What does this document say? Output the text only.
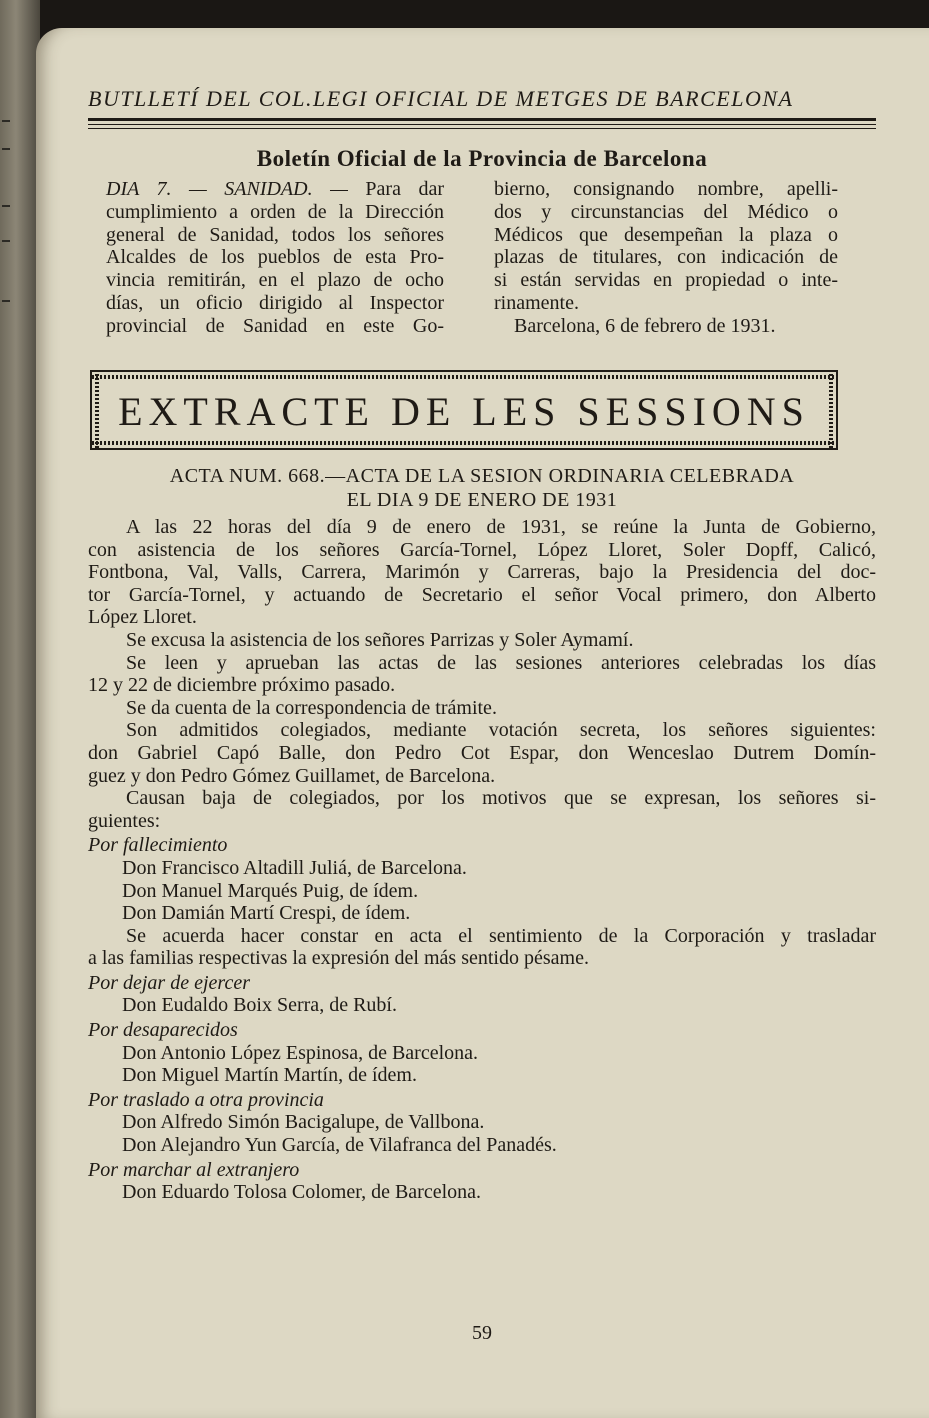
BUTLLETÍ DEL COL.LEGI OFICIAL DE METGES DE BARCELONA
Boletín Oficial de la Provincia de Barcelona
DIA 7. — SANIDAD. — Para dar
cumplimiento a orden de la Dirección
general de Sanidad, todos los señores
Alcaldes de los pueblos de esta Pro-
vincia remitirán, en el plazo de ocho
días, un oficio dirigido al Inspector
provincial de Sanidad en este Go-
bierno, consignando nombre, apelli-
dos y circunstancias del Médico o
Médicos que desempeñan la plaza o
plazas de titulares, con indicación de
si están servidas en propiedad o inte-
rinamente.
Barcelona, 6 de febrero de 1931.
EXTRACTE DE LES SESSIONS
ACTA NUM. 668.—ACTA DE LA SESION ORDINARIA CELEBRADA
EL DIA 9 DE ENERO DE 1931
A las 22 horas del día 9 de enero de 1931, se reúne la Junta de Gobierno,
con asistencia de los señores García-Tornel, López Lloret, Soler Dopff, Calicó,
Fontbona, Val, Valls, Carrera, Marimón y Carreras, bajo la Presidencia del doc-
tor García-Tornel, y actuando de Secretario el señor Vocal primero, don Alberto
López Lloret.
Se excusa la asistencia de los señores Parrizas y Soler Aymamí.
Se leen y aprueban las actas de las sesiones anteriores celebradas los días
12 y 22 de diciembre próximo pasado.
Se da cuenta de la correspondencia de trámite.
Son admitidos colegiados, mediante votación secreta, los señores siguientes:
don Gabriel Capó Balle, don Pedro Cot Espar, don Wenceslao Dutrem Domín-
guez y don Pedro Gómez Guillamet, de Barcelona.
Causan baja de colegiados, por los motivos que se expresan, los señores si-
guientes:
Por fallecimiento
Don Francisco Altadill Juliá, de Barcelona.
Don Manuel Marqués Puig, de ídem.
Don Damián Martí Crespi, de ídem.
Se acuerda hacer constar en acta el sentimiento de la Corporación y trasladar
a las familias respectivas la expresión del más sentido pésame.
Por dejar de ejercer
Don Eudaldo Boix Serra, de Rubí.
Por desaparecidos
Don Antonio López Espinosa, de Barcelona.
Don Miguel Martín Martín, de ídem.
Por traslado a otra provincia
Don Alfredo Simón Bacigalupe, de Vallbona.
Don Alejandro Yun García, de Vilafranca del Panadés.
Por marchar al extranjero
Don Eduardo Tolosa Colomer, de Barcelona.
59
